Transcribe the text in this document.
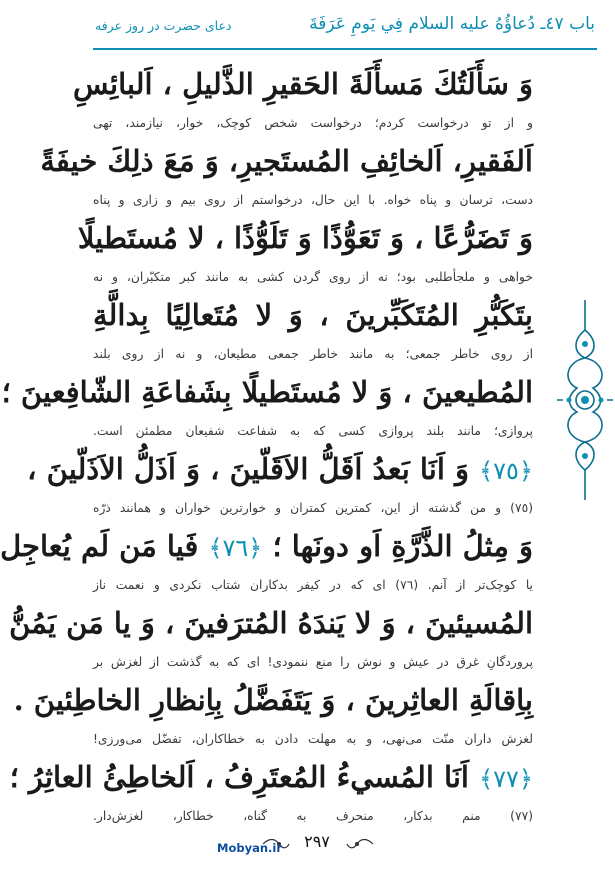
باب ٤٧ـ دُعاؤُهُ عليه السلام فِي يَومِ عَرَفَةَ
دعای حضرت در روز عرفه
وَ سَأَلَتُكَ مَسأَلَةَ الحَقيرِ الذَّليلِ ، اَلبائِسِ
و از تو درخواست کردم؛ درخواست شخص کوچک، خوار، نیازمند، تهی
اَلفَقيرِ، اَلخائِفِ المُستَجيرِ، وَ مَعَ ذلِكَ خيفَةً
دست، ترسان و پناه خواه. با این حال، درخواستم از روی بیم و زاری و پناه
وَ تَضَرُّعًا ، وَ تَعَوُّذًا وَ تَلَوُّذًا ، لا مُستَطيلًا
خواهی و ملجأطلبی بود؛ نه از روی گردن کشی به مانند کبر متکبّران، و نه
بِتَكَبُّرِ المُتَكَبِّرينَ ، وَ لا مُتَعالِيًا بِدالَّةِ
از روی خاطر جمعی؛ به مانند خاطر جمعی مطیعان، و نه از روی بلند
المُطيعينَ ، وَ لا مُستَطيلًا بِشَفاعَةِ الشّافِعينَ ؛
پروازی؛ مانند بلند پروازی کسی که به شفاعت شفیعان مطمئن است.
﴿٧٥﴾ وَ اَنَا بَعدُ اَقَلُّ الاَقَلّينَ ، وَ اَذَلُّ الاَذَلّينَ ،
(٧٥) و من گذشته از این، کمترین کمتران و خوارترین خواران و همانند ذرّه
وَ مِثلُ الذَّرَّةِ اَو دونَها ؛ ﴿٧٦﴾ فَيا مَن لَم يُعاجِل
یا کوچک‌تر از آنم. (٧٦) ای که در کیفر بدکاران شتاب نکردی و نعمت ناز
المُسيئينَ ، وَ لا يَندَهُ المُترَفينَ ، وَ يا مَن يَمُنُّ
پروردگانِ غرق در عیش و نوش را منع ننمودی! ای که به گذشت از لغزش بر
بِاِقالَةِ العاثِرينَ ، وَ يَتَفَضَّلُ بِاِنظارِ الخاطِئينَ .
لغزش داران منّت می‌نهی، و به مهلت دادن به خطاکاران، تفضّل می‌ورزی!
﴿٧٧﴾ اَنَا المُسيءُ المُعتَرِفُ ، اَلخاطِئُ العاثِرُ ؛
(٧٧) منم بدکار، منحرف به گناه، خطاکار، لغزش‌دار.
٢٩٧
Mobyan.ir
